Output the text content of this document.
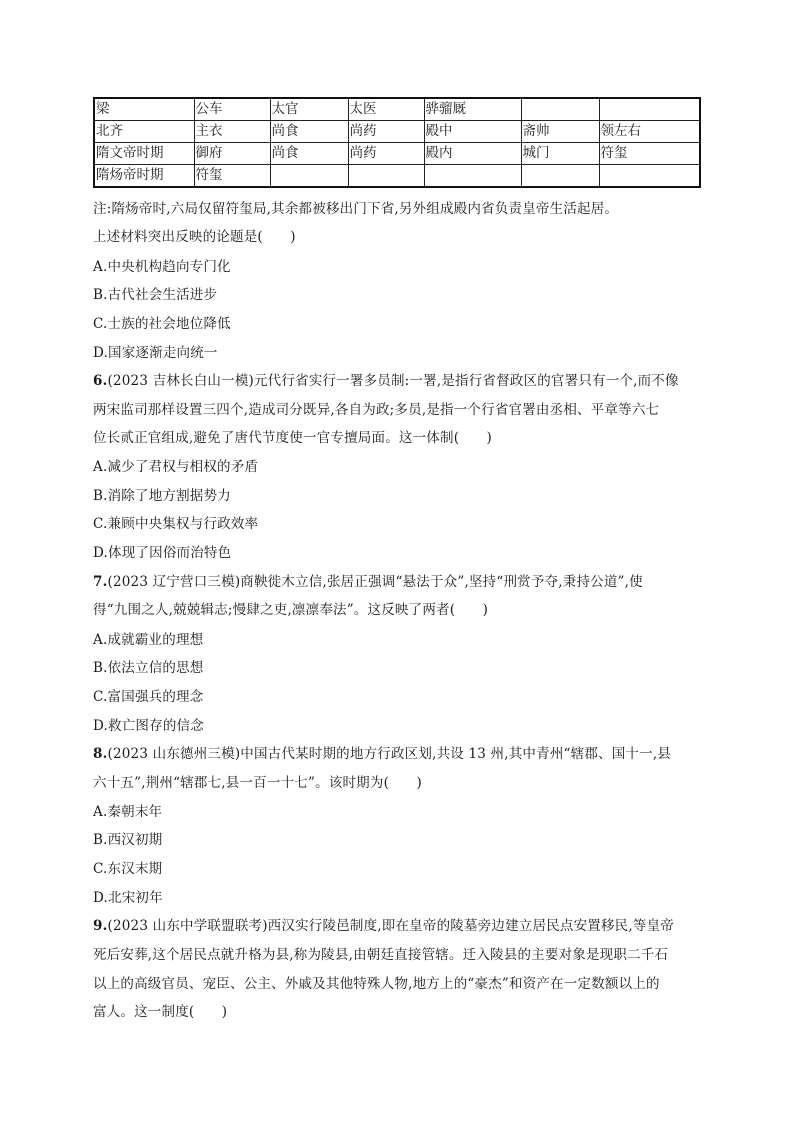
梁	公车	太官	太医	骅骝厩		
北齐	主衣	尚食	尚药	殿中	斋帅	领左右
隋文帝时期	御府	尚食	尚药	殿内	城门	符玺
隋炀帝时期	符玺					
注:隋炀帝时,六局仅留符玺局,其余都被移出门下省,另外组成殿内省负责皇帝生活起居。
上述材料突出反映的论题是(　　)
A.中央机构趋向专门化
B.古代社会生活进步
C.士族的社会地位降低
D.国家逐渐走向统一
6.(2023 吉林长白山一模)元代行省实行一署多员制:一署,是指行省督政区的官署只有一个,而不像
两宋监司那样设置三四个,造成司分既异,各自为政;多员,是指一个行省官署由丞相、平章等六七
位长贰正官组成,避免了唐代节度使一官专擅局面。这一体制(　　)
A.减少了君权与相权的矛盾
B.消除了地方割据势力
C.兼顾中央集权与行政效率
D.体现了因俗而治特色
7.(2023 辽宁营口三模)商鞅徙木立信,张居正强调“悬法于众”,坚持“刑赏予夺,秉持公道”,使
得“九围之人,兢兢辑志;慢肆之吏,凛凛奉法”。这反映了两者(　　)
A.成就霸业的理想
B.依法立信的思想
C.富国强兵的理念
D.救亡图存的信念
8.(2023 山东德州三模)中国古代某时期的地方行政区划,共设 13 州,其中青州“辖郡、国十一,县
六十五”,荆州“辖郡七,县一百一十七”。该时期为(　　)
A.秦朝末年
B.西汉初期
C.东汉末期
D.北宋初年
9.(2023 山东中学联盟联考)西汉实行陵邑制度,即在皇帝的陵墓旁边建立居民点安置移民,等皇帝
死后安葬,这个居民点就升格为县,称为陵县,由朝廷直接管辖。迁入陵县的主要对象是现职二千石
以上的高级官员、宠臣、公主、外戚及其他特殊人物,地方上的“豪杰”和资产在一定数额以上的
富人。这一制度(　　)
